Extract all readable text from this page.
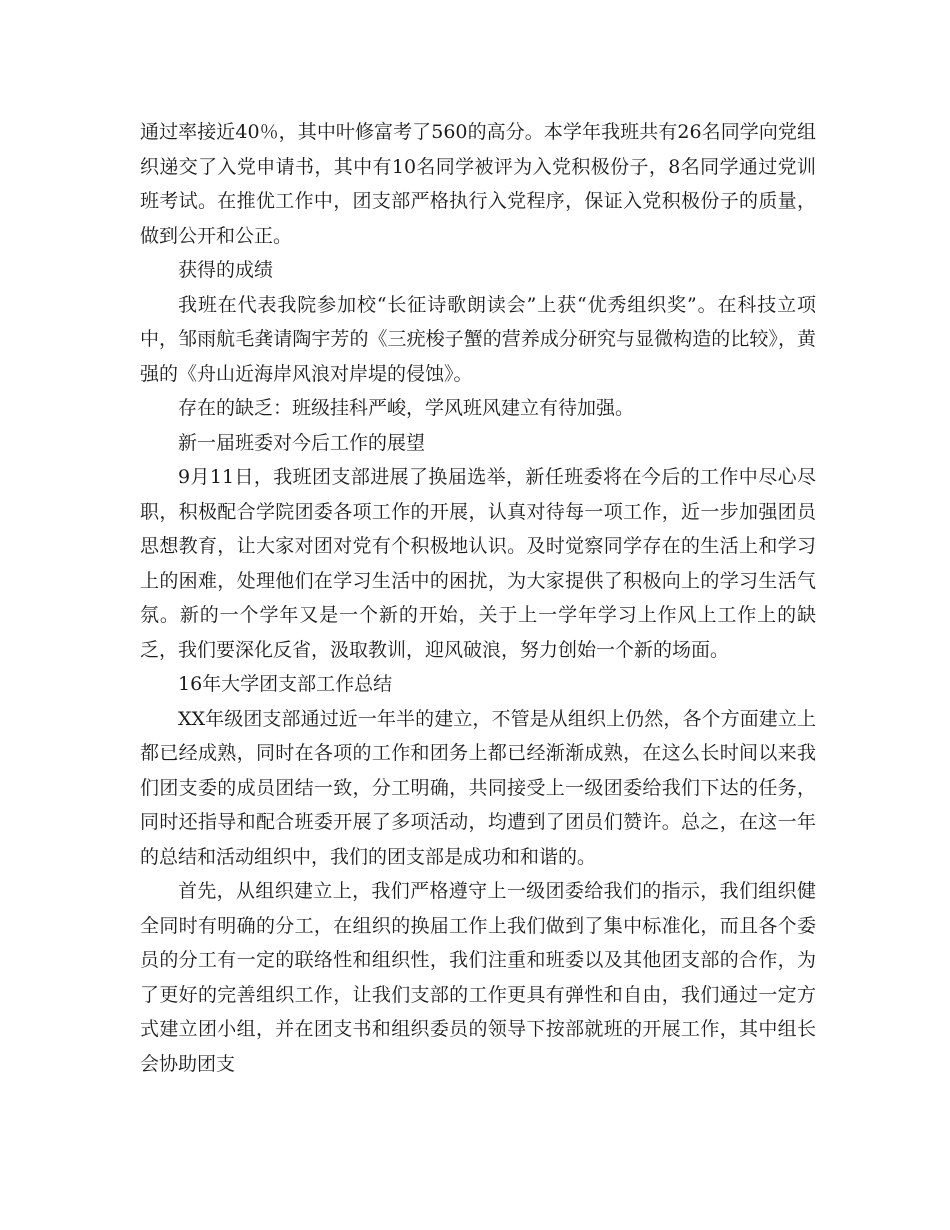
通过率接近40％，其中叶修富考了560的高分。本学年我班共有26名同学向党组织递交了入党申请书，其中有10名同学被评为入党积极份子，8名同学通过党训班考试。在推优工作中，团支部严格执行入党程序，保证入党积极份子的质量，做到公开和公正。

获得的成绩

我班在代表我院参加校“长征诗歌朗读会”上获“优秀组织奖”。在科技立项中，邹雨航毛龚请陶宇芳的《三疣梭子蟹的营养成分研究与显微构造的比较》，黄强的《舟山近海岸风浪对岸堤的侵蚀》。

存在的缺乏：班级挂科严峻，学风班风建立有待加强。

新一届班委对今后工作的展望

9月11日，我班团支部进展了换届选举，新任班委将在今后的工作中尽心尽职，积极配合学院团委各项工作的开展，认真对待每一项工作，近一步加强团员思想教育，让大家对团对党有个积极地认识。及时觉察同学存在的生活上和学习上的困难，处理他们在学习生活中的困扰，为大家提供了积极向上的学习生活气氛。新的一个学年又是一个新的开始，关于上一学年学习上作风上工作上的缺乏，我们要深化反省，汲取教训，迎风破浪，努力创始一个新的场面。

16年大学团支部工作总结

XX年级团支部通过近一年半的建立，不管是从组织上仍然，各个方面建立上都已经成熟，同时在各项的工作和团务上都已经渐渐成熟，在这么长时间以来我们团支委的成员团结一致，分工明确，共同接受上一级团委给我们下达的任务，同时还指导和配合班委开展了多项活动，均遭到了团员们赞许。总之，在这一年的总结和活动组织中，我们的团支部是成功和和谐的。

首先，从组织建立上，我们严格遵守上一级团委给我们的指示，我们组织健全同时有明确的分工，在组织的换届工作上我们做到了集中标准化，而且各个委员的分工有一定的联络性和组织性，我们注重和班委以及其他团支部的合作，为了更好的完善组织工作，让我们支部的工作更具有弹性和自由，我们通过一定方式建立团小组，并在团支书和组织委员的领导下按部就班的开展工作，其中组长会协助团支
